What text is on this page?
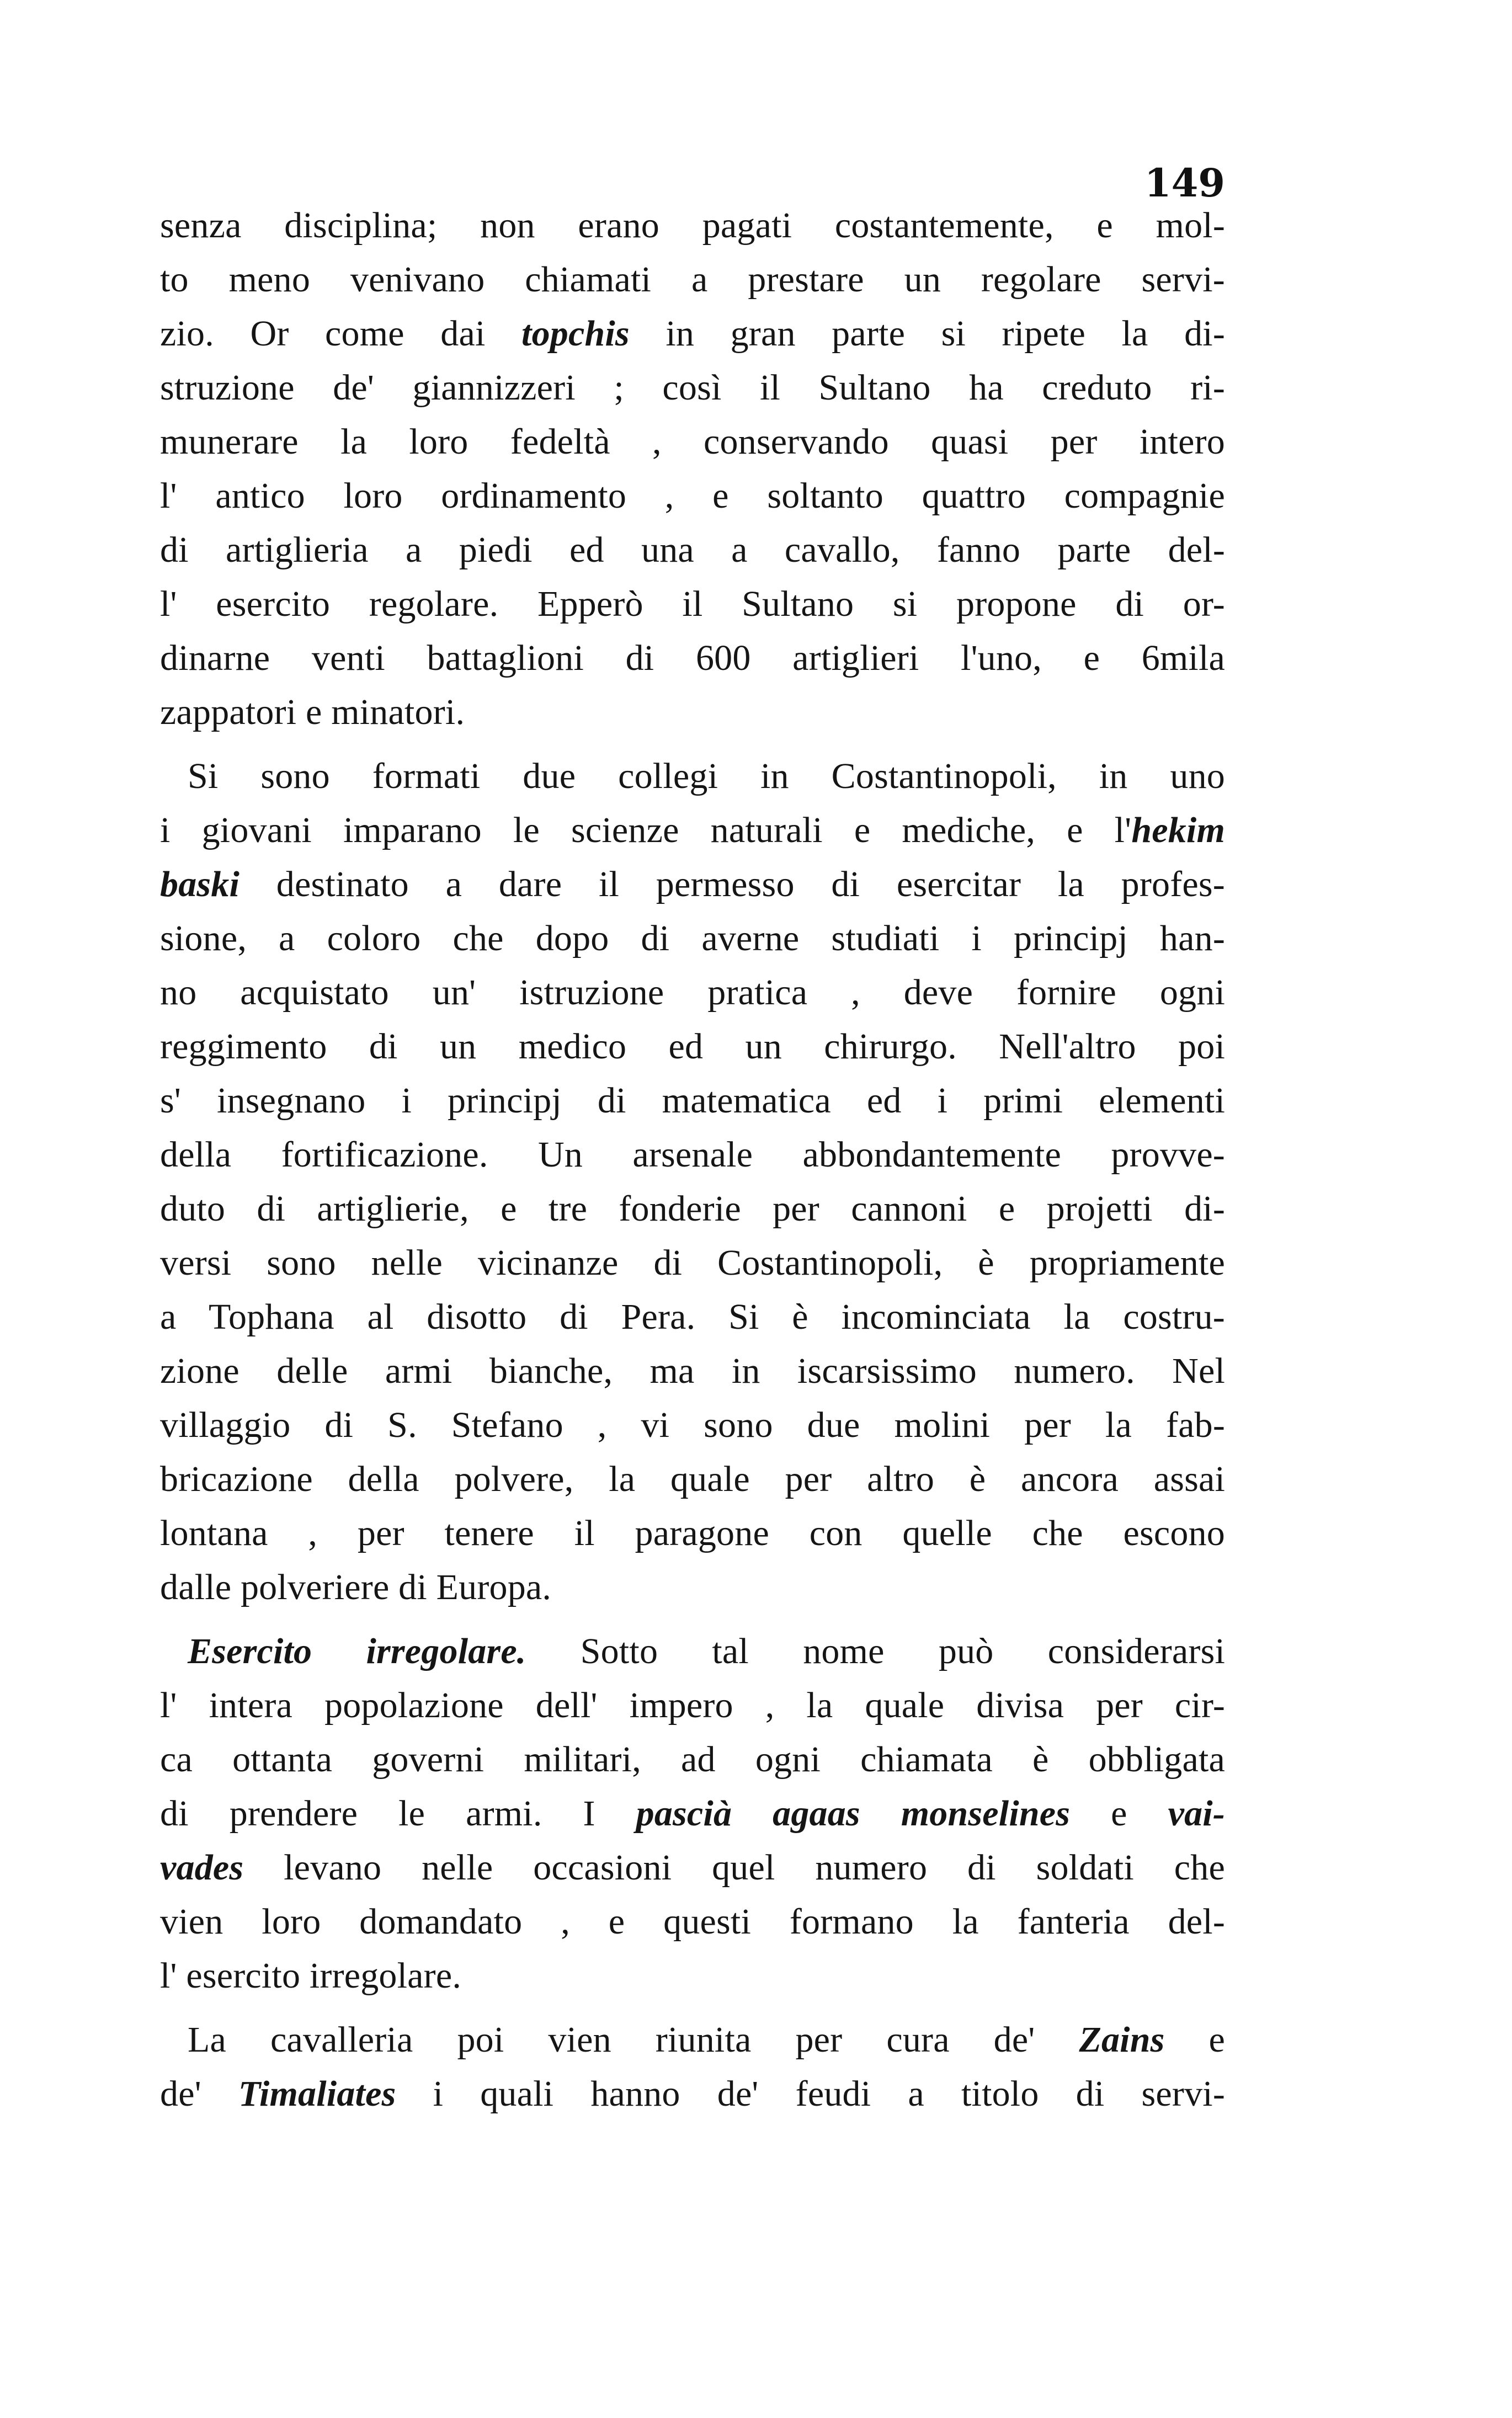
149
senza disciplina; non erano pagati costantemente, e mol-
to meno venivano chiamati a prestare un regolare servi-
zio. Or come dai topchis in gran parte si ripete la di-
struzione de' giannizzeri ; così il Sultano ha creduto ri-
munerare la loro fedeltà , conservando quasi per intero
l' antico loro ordinamento , e soltanto quattro compagnie
di artiglieria a piedi ed una a cavallo, fanno parte del-
l' esercito regolare. Epperò il Sultano si propone di or-
dinarne venti battaglioni di 600 artiglieri l'uno, e 6mila
zappatori e minatori.
Si sono formati due collegi in Costantinopoli, in uno
i giovani imparano le scienze naturali e mediche, e l'hekim
baski destinato a dare il permesso di esercitar la profes-
sione, a coloro che dopo di averne studiati i principj han-
no acquistato un' istruzione pratica , deve fornire ogni
reggimento di un medico ed un chirurgo. Nell'altro poi
s' insegnano i principj di matematica ed i primi elementi
della fortificazione. Un arsenale abbondantemente provve-
duto di artiglierie, e tre fonderie per cannoni e projetti di-
versi sono nelle vicinanze di Costantinopoli, è propriamente
a Tophana al disotto di Pera. Si è incominciata la costru-
zione delle armi bianche, ma in iscarsissimo numero. Nel
villaggio di S. Stefano , vi sono due molini per la fab-
bricazione della polvere, la quale per altro è ancora assai
lontana , per tenere il paragone con quelle che escono
dalle polveriere di Europa.
Esercito irregolare. Sotto tal nome può considerarsi
l' intera popolazione dell' impero , la quale divisa per cir-
ca ottanta governi militari, ad ogni chiamata è obbligata
di prendere le armi. I pascià agaas monselines e vai-
vades levano nelle occasioni quel numero di soldati che
vien loro domandato , e questi formano la fanteria del-
l' esercito irregolare.
La cavalleria poi vien riunita per cura de' Zains e
de' Timaliates i quali hanno de' feudi a titolo di servi-
